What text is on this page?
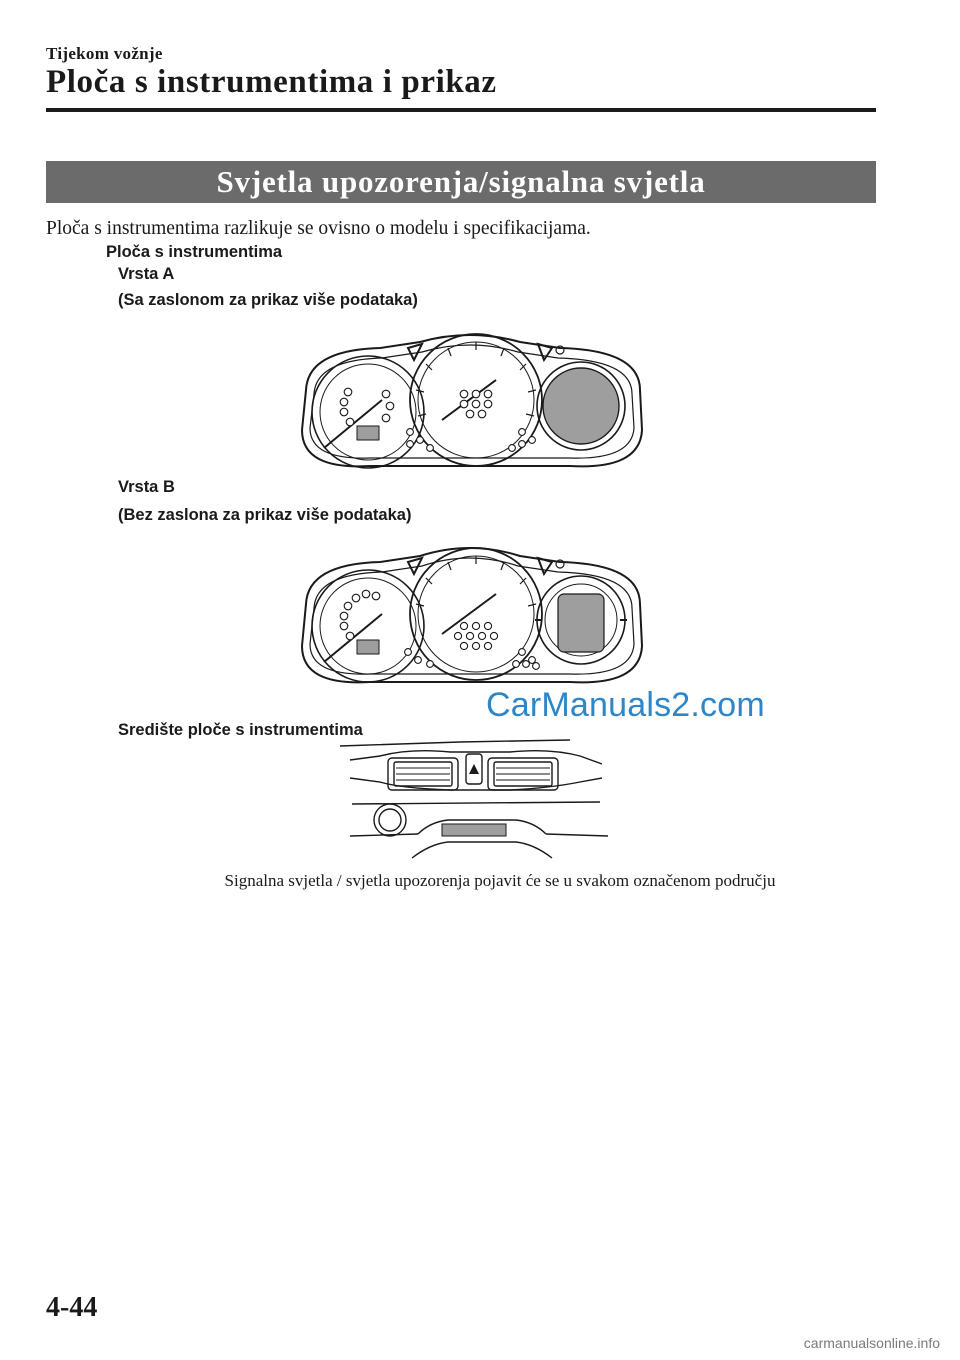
Tijekom vožnje
Ploča s instrumentima i prikaz
Svjetla upozorenja/signalna svjetla
Ploča s instrumentima razlikuje se ovisno o modelu i specifikacijama.
Ploča s instrumentima
Vrsta A
(Sa zaslonom za prikaz više podataka)
Vrsta B
(Bez zaslona za prikaz više podataka)
CarManuals2.com
Središte ploče s instrumentima
Signalna svjetla / svjetla upozorenja pojavit će se u svakom označenom području
4-44
carmanualsonline.info
